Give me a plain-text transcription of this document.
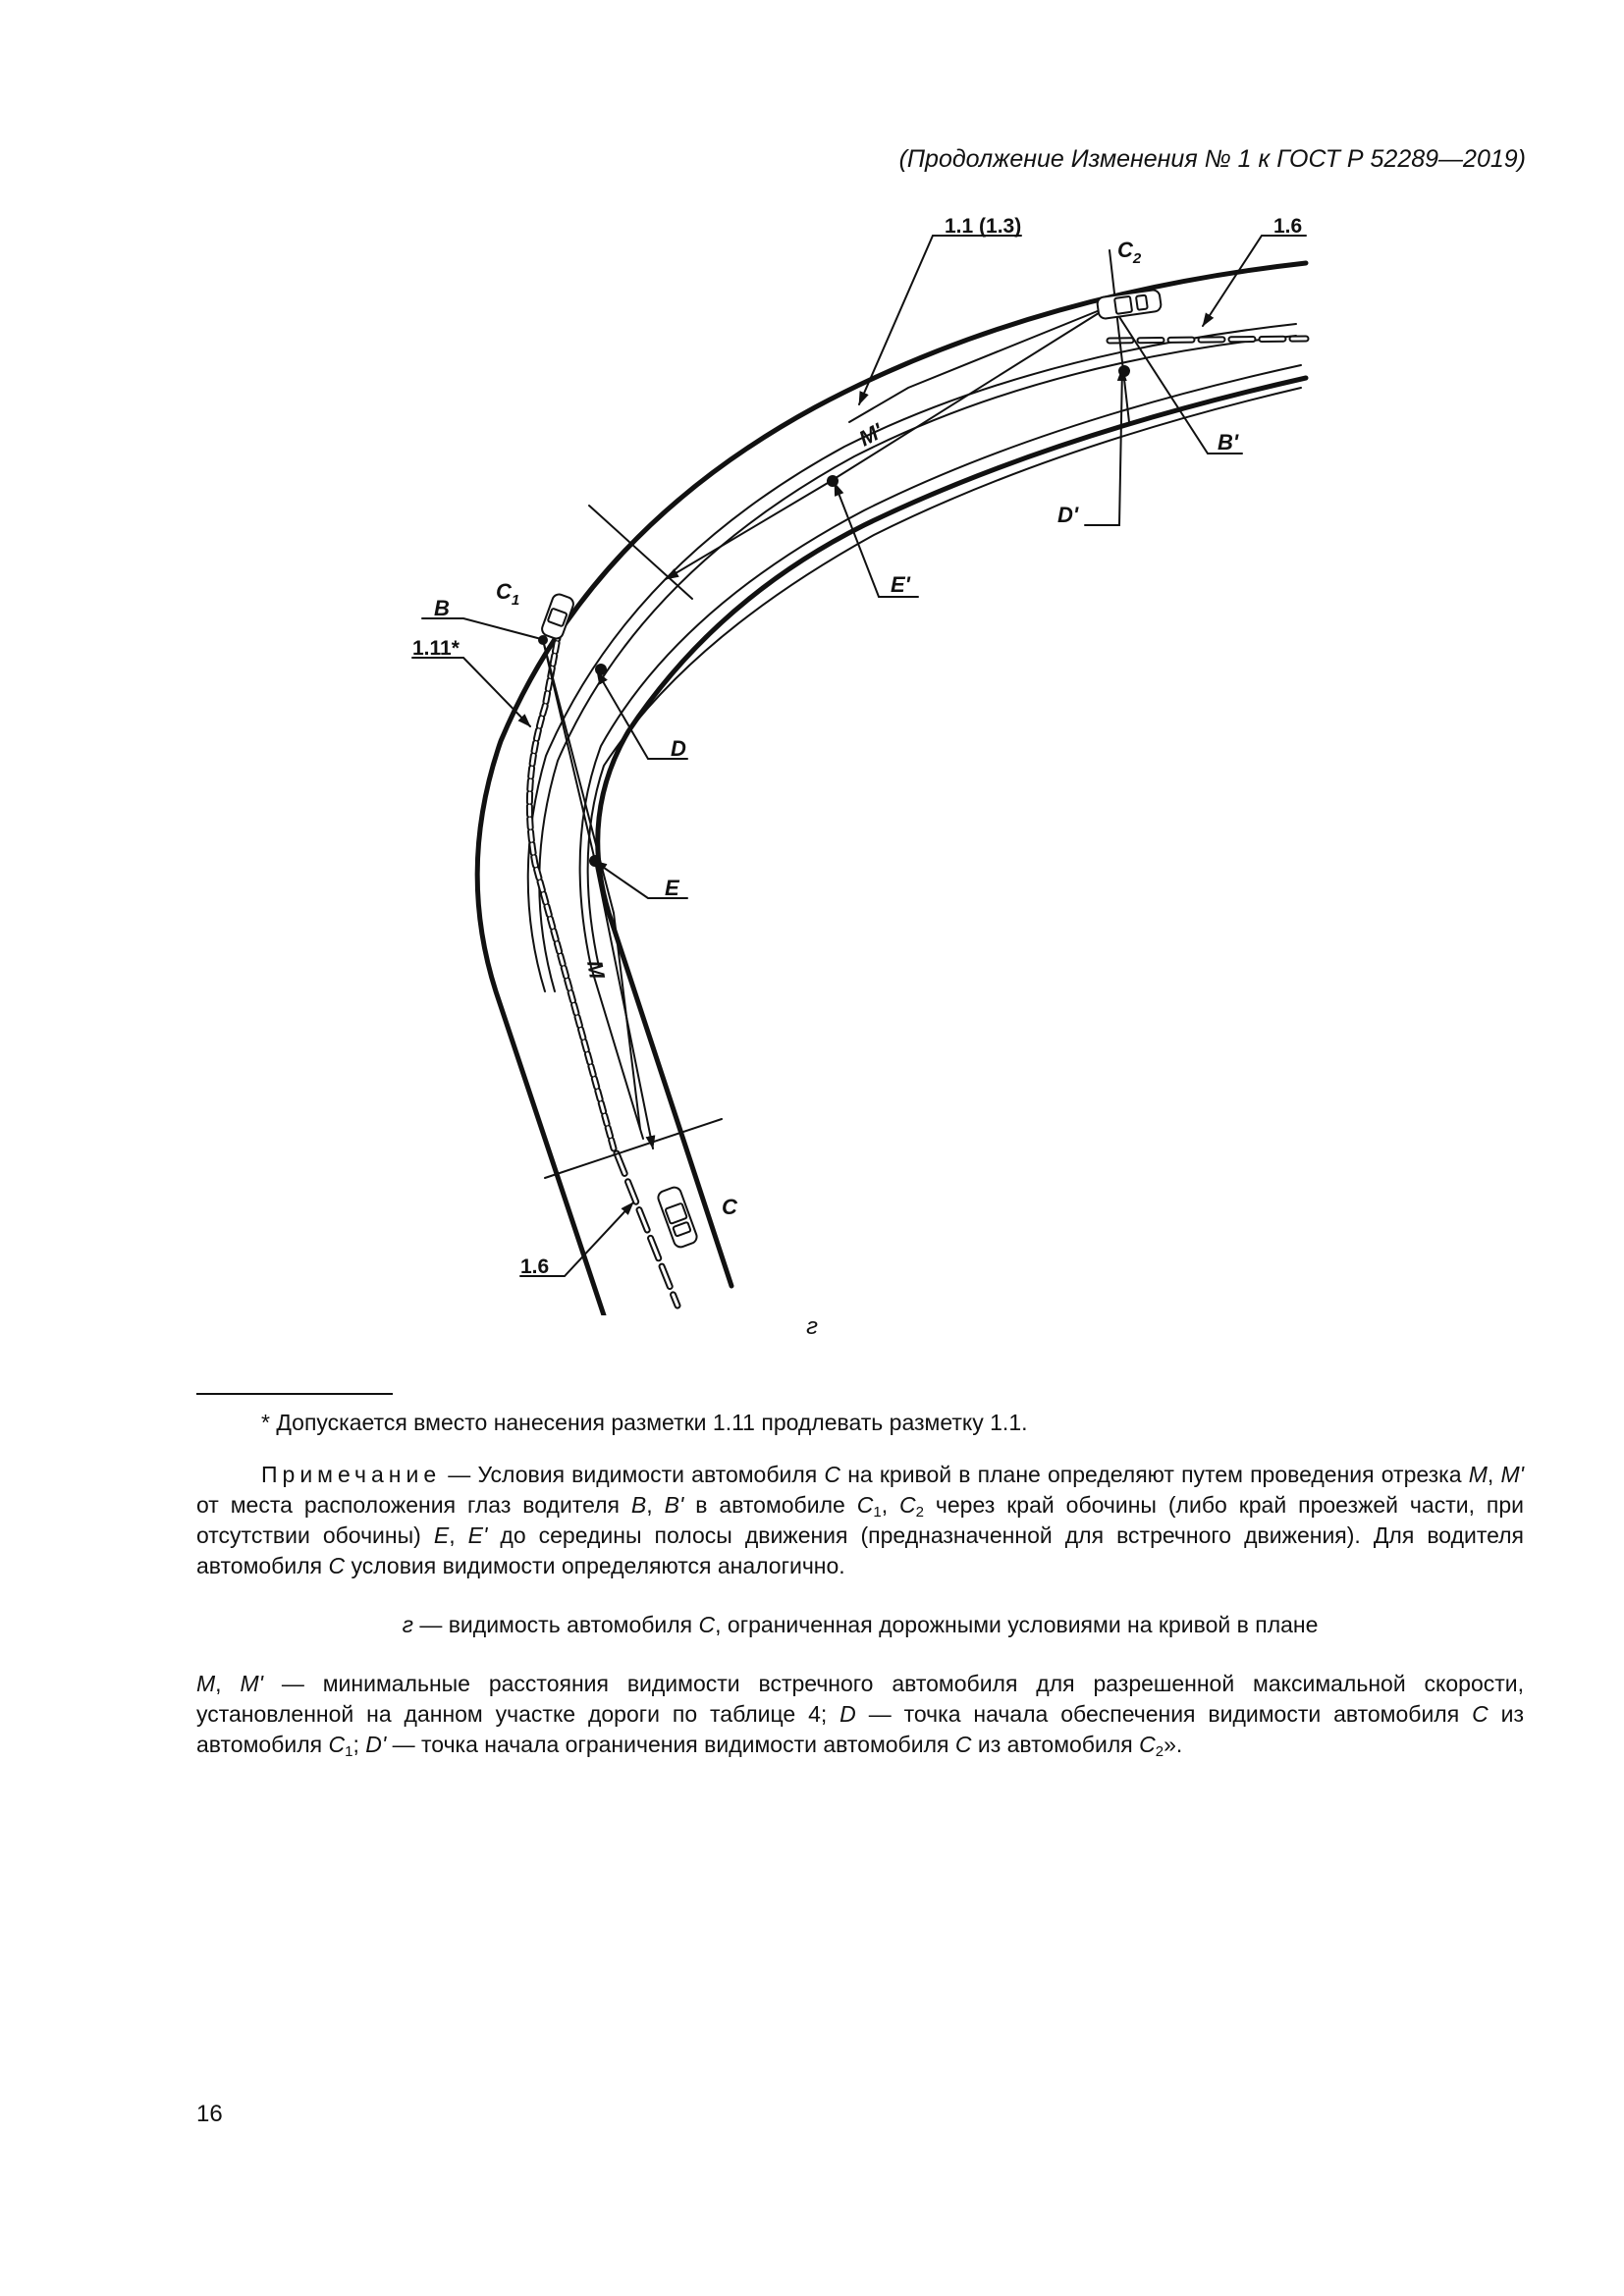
(Продолжение Изменения № 1 к ГОСТ Р 52289—2019)
1.1 (1.3)	1.6
1.11*
1.6
$C_2$
$C_1$
C
B
D
E
E'
D'
B'
M
M'
г
* Допускается вместо нанесения разметки 1.11 продлевать разметку 1.1.
Примечание — Условия видимости автомобиля C на кривой в плане определяют путем проведения отрезка M, M' от места расположения глаз водителя B, B' в автомобиле $C_1$, $C_2$ через край обочины (либо край проезжей части, при отсутствии обочины) E, E' до середины полосы движения (предназначенной для встречного движения). Для водителя автомобиля C условия видимости определяются аналогично.
г — видимость автомобиля C, ограниченная дорожными условиями на кривой в плане
M, M' — минимальные расстояния видимости встречного автомобиля для разрешенной максимальной скорости, установленной на данном участке дороги по таблице 4; D — точка начала обеспечения видимости автомобиля C из автомобиля $C_1$; D' — точка начала ограничения видимости автомобиля C из автомобиля $C_2$».
16
